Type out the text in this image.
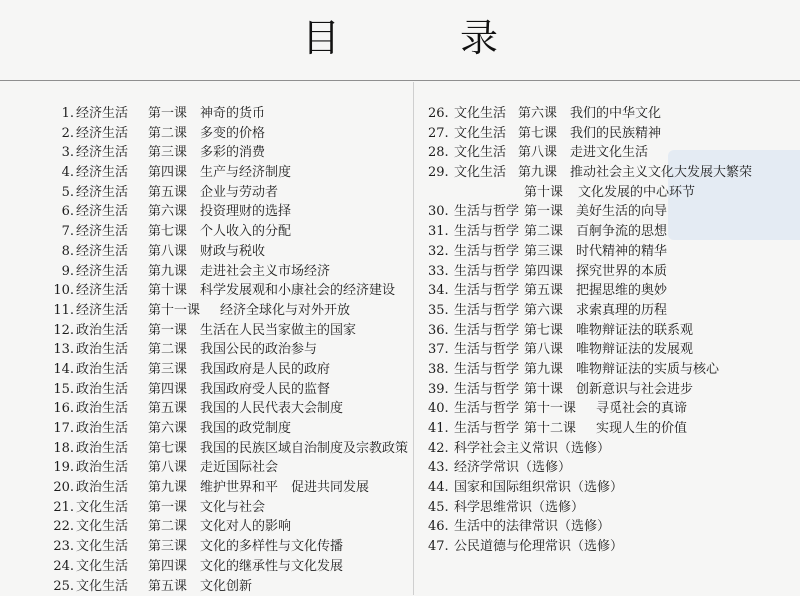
目 录
1. 经济生活 第一课 神奇的货币
2. 经济生活 第二课 多变的价格
3. 经济生活 第三课 多彩的消费
4. 经济生活 第四课 生产与经济制度
5. 经济生活 第五课 企业与劳动者
6. 经济生活 第六课 投资理财的选择
7. 经济生活 第七课 个人收入的分配
8. 经济生活 第八课 财政与税收
9. 经济生活 第九课 走进社会主义市场经济
10. 经济生活 第十课 科学发展观和小康社会的经济建设
11. 经济生活 第十一课 经济全球化与对外开放
12. 政治生活 第一课 生活在人民当家做主的国家
13. 政治生活 第二课 我国公民的政治参与
14. 政治生活 第三课 我国政府是人民的政府
15. 政治生活 第四课 我国政府受人民的监督
16. 政治生活 第五课 我国的人民代表大会制度
17. 政治生活 第六课 我国的政党制度
18. 政治生活 第七课 我国的民族区域自治制度及宗教政策
19. 政治生活 第八课 走近国际社会
20. 政治生活 第九课 维护世界和平　促进共同发展
21. 文化生活 第一课 文化与社会
22. 文化生活 第二课 文化对人的影响
23. 文化生活 第三课 文化的多样性与文化传播
24. 文化生活 第四课 文化的继承性与文化发展
25. 文化生活 第五课 文化创新
26. 文化生活 第六课 我们的中华文化
27. 文化生活 第七课 我们的民族精神
28. 文化生活 第八课 走进文化生活
29. 文化生活 第九课 推动社会主义文化大发展大繁荣
第十课 文化发展的中心环节
30. 生活与哲学 第一课 美好生活的向导
31. 生活与哲学 第二课 百舸争流的思想
32. 生活与哲学 第三课 时代精神的精华
33. 生活与哲学 第四课 探究世界的本质
34. 生活与哲学 第五课 把握思维的奥妙
35. 生活与哲学 第六课 求索真理的历程
36. 生活与哲学 第七课 唯物辩证法的联系观
37. 生活与哲学 第八课 唯物辩证法的发展观
38. 生活与哲学 第九课 唯物辩证法的实质与核心
39. 生活与哲学 第十课 创新意识与社会进步
40. 生活与哲学 第十一课 寻觅社会的真谛
41. 生活与哲学 第十二课 实现人生的价值
42. 科学社会主义常识（选修）
43. 经济学常识（选修）
44. 国家和国际组织常识（选修）
45. 科学思维常识（选修）
46. 生活中的法律常识（选修）
47. 公民道德与伦理常识（选修）
